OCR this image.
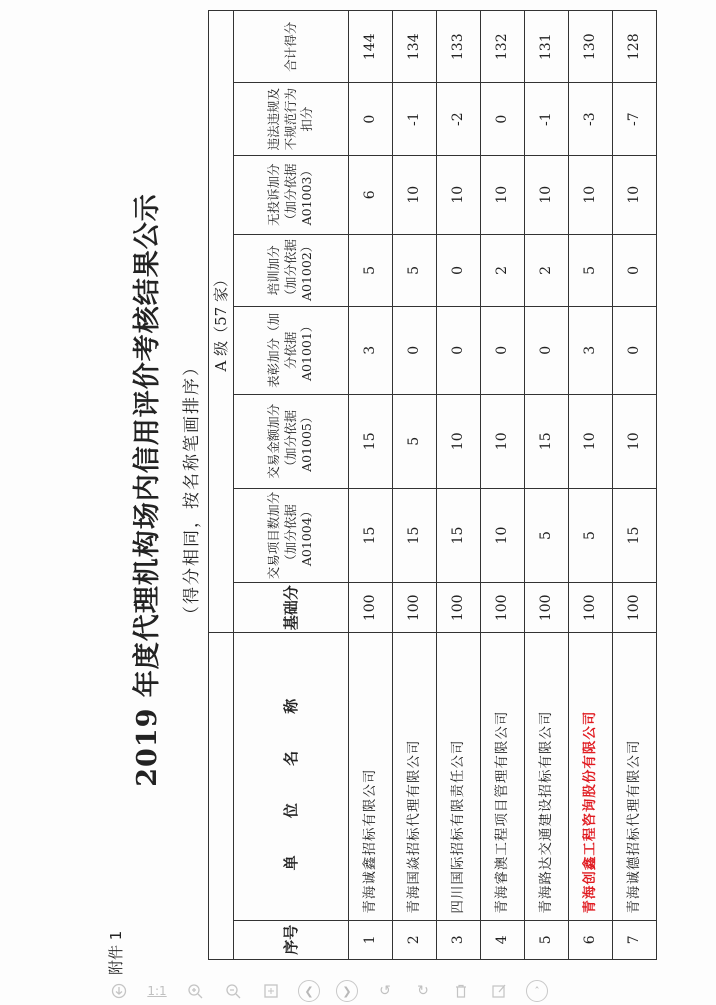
附件 1
2019 年度代理机构场内信用评价考核结果公示 （得分相同，按名称笔画排序）
		A 级（57 家）							
序号	单 位 名 称	基础分	交易项目数加分（加分依据A01004）	交易金额加分（加分依据A01005）	表彰加分（加分依据A01001）	培训加分（加分依据A01002）	无投诉加分（加分依据A01003）	违法违规及不规范行为扣分	合计得分
1	青海诚鑫招标有限公司	100	15	15	3	5	6	0	144
2	青海国焱招标代理有限公司	100	15	5	0	5	10	-1	134
3	四川国际招标有限责任公司	100	15	10	0	0	10	-2	133
4	青海睿澳工程项目管理有限公司	100	10	10	0	2	10	0	132
5	青海路达交通建设招标有限公司	100	5	15	0	2	10	-1	131
6	青海创鑫工程咨询股份有限公司	100	5	10	3	5	10	-3	130
7	青海诚德招标代理有限公司	100	15	10	0	0	10	-7	128
1:1	❮	❯	↺	↻	ˆ
